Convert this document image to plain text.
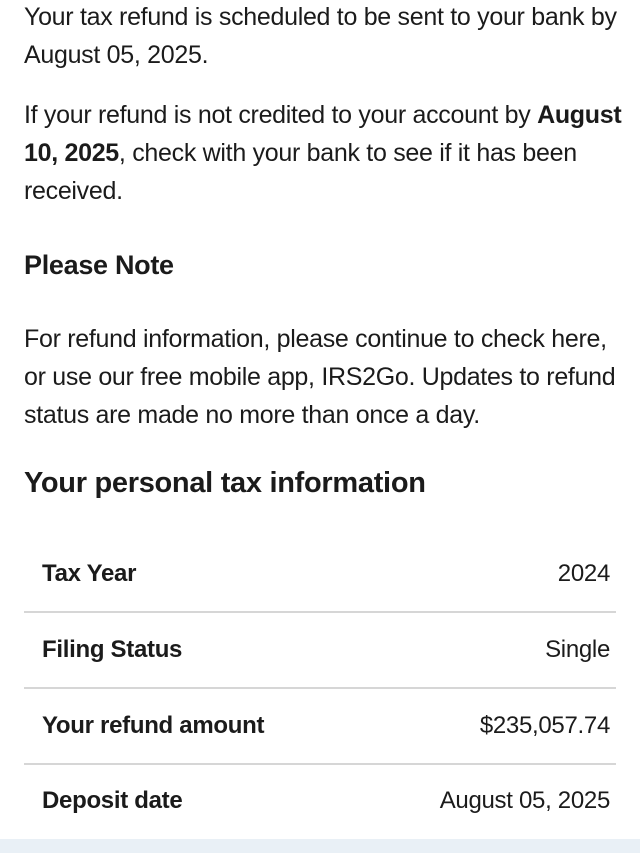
Your tax refund is scheduled to be sent to your bank by August 05, 2025.

If your refund is not credited to your account by August 10, 2025, check with your bank to see if it has been received.

Please Note

For refund information, please continue to check here, or use our free mobile app, IRS2Go. Updates to refund status are made no more than once a day.

Your personal tax information
Tax Year	2024
Filing Status	Single
Your refund amount	$235,057.74
Deposit date	August 05, 2025
